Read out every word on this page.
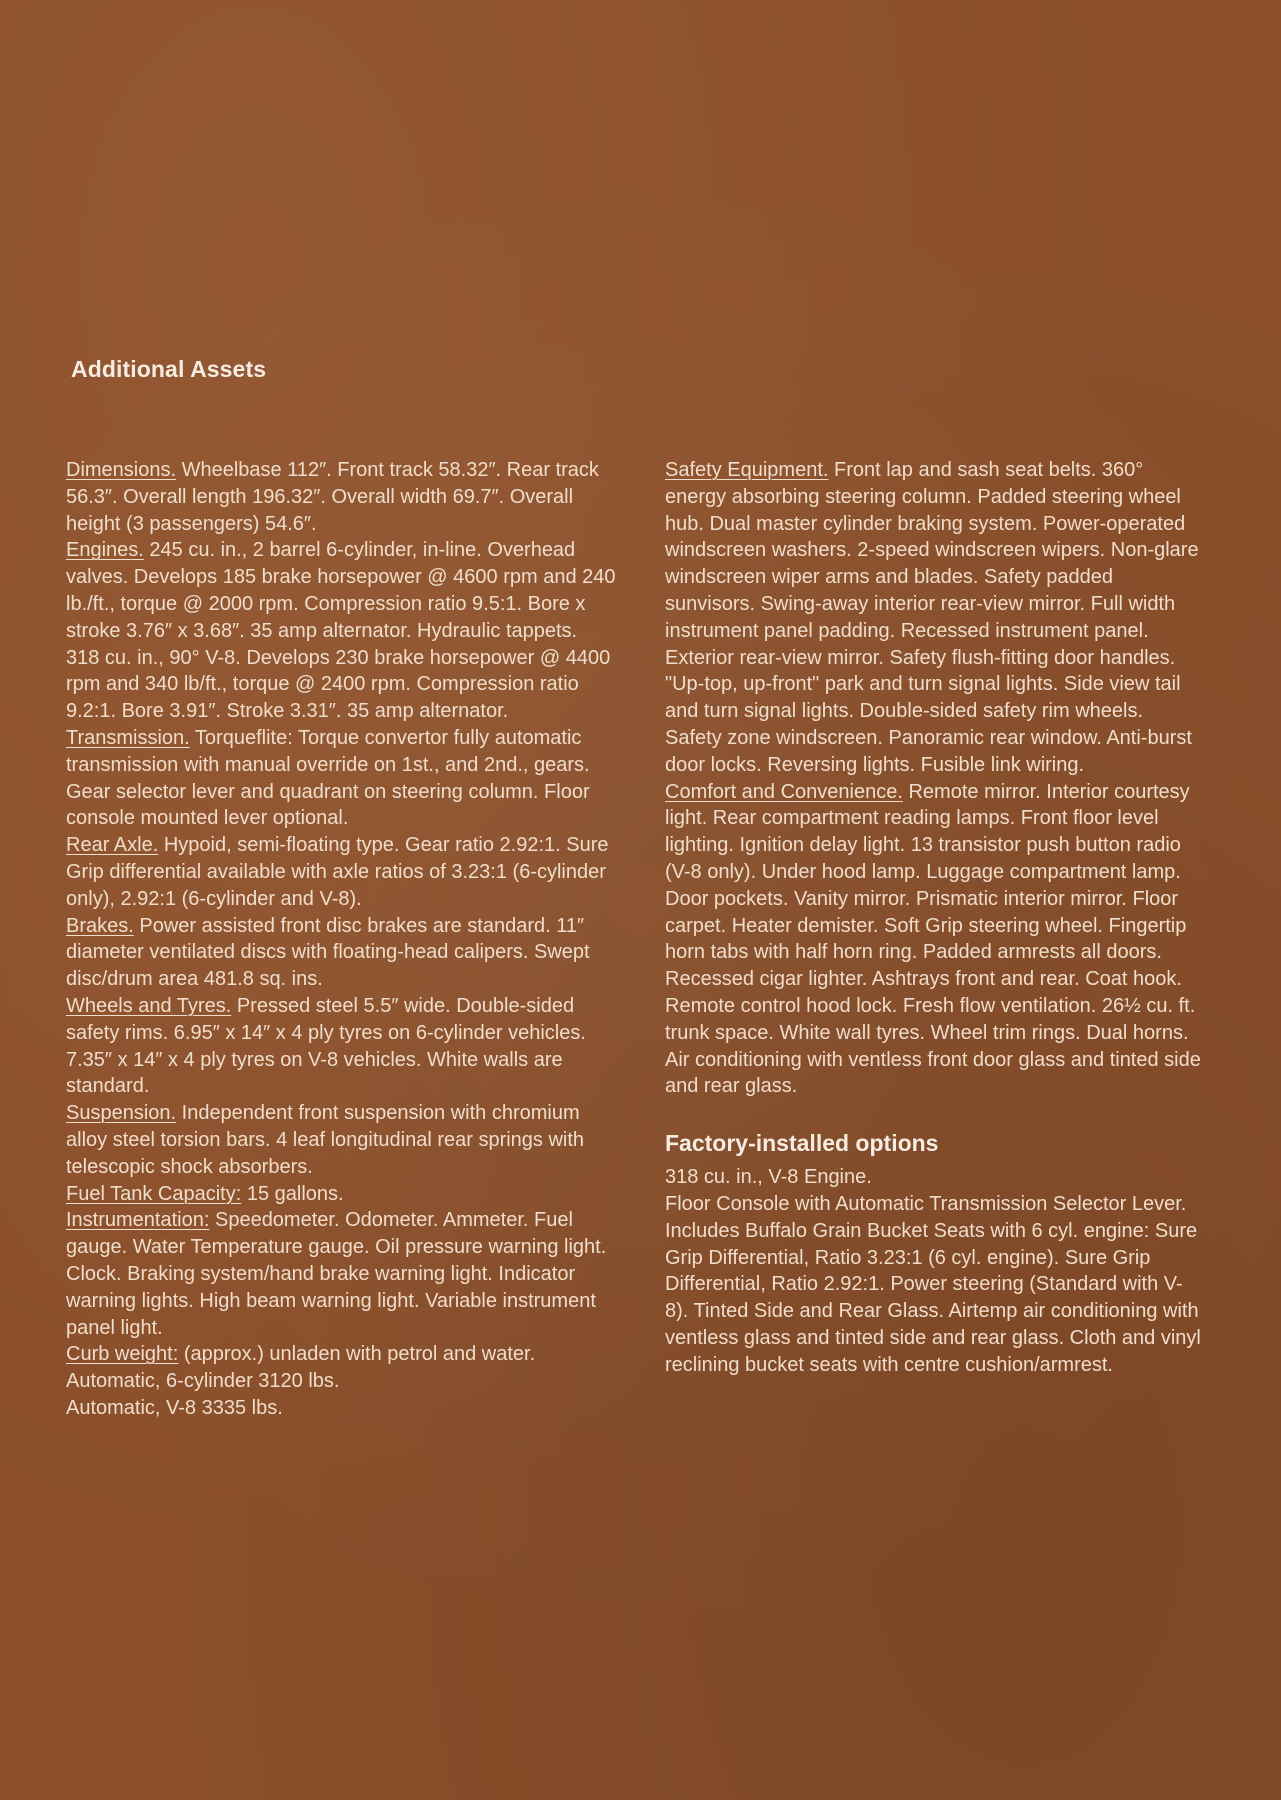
Additional Assets

Dimensions. Wheelbase 112″. Front track 58.32″. Rear track 56.3″. Overall length 196.32″. Overall width 69.7″. Overall height (3 passengers) 54.6″.

Engines. 245 cu. in., 2 barrel 6-cylinder, in-line. Overhead valves. Develops 185 brake horsepower @ 4600 rpm and 240 lb./ft., torque @ 2000 rpm. Compression ratio 9.5:1. Bore x stroke 3.76″ x 3.68″. 35 amp alternator. Hydraulic tappets.

318 cu. in., 90° V-8. Develops 230 brake horsepower @ 4400 rpm and 340 lb/ft., torque @ 2400 rpm. Compression ratio 9.2:1. Bore 3.91″. Stroke 3.31″. 35 amp alternator.

Transmission. Torqueflite: Torque convertor fully automatic transmission with manual override on 1st., and 2nd., gears. Gear selector lever and quadrant on steering column. Floor console mounted lever optional.

Rear Axle. Hypoid, semi-floating type. Gear ratio 2.92:1. Sure Grip differential available with axle ratios of 3.23:1 (6-cylinder only), 2.92:1 (6-cylinder and V-8).

Brakes. Power assisted front disc brakes are standard. 11″ diameter ventilated discs with floating-head calipers. Swept disc/drum area 481.8 sq. ins.

Wheels and Tyres. Pressed steel 5.5″ wide. Double-sided safety rims. 6.95″ x 14″ x 4 ply tyres on 6-cylinder vehicles. 7.35″ x 14″ x 4 ply tyres on V-8 vehicles. White walls are standard.

Suspension. Independent front suspension with chromium alloy steel torsion bars. 4 leaf longitudinal rear springs with telescopic shock absorbers.

Fuel Tank Capacity: 15 gallons.

Instrumentation: Speedometer. Odometer. Ammeter. Fuel gauge. Water Temperature gauge. Oil pressure warning light. Clock. Braking system/hand brake warning light. Indicator warning lights. High beam warning light. Variable instrument panel light.

Curb weight: (approx.) unladen with petrol and water.

Automatic, 6-cylinder 3120 lbs.

Automatic, V-8 3335 lbs.

Safety Equipment. Front lap and sash seat belts. 360° energy absorbing steering column. Padded steering wheel hub. Dual master cylinder braking system. Power-operated windscreen washers. 2-speed windscreen wipers. Non-glare windscreen wiper arms and blades. Safety padded sunvisors. Swing-away interior rear-view mirror. Full width instrument panel padding. Recessed instrument panel. Exterior rear-view mirror. Safety flush-fitting door handles. "Up-top, up-front" park and turn signal lights. Side view tail and turn signal lights. Double-sided safety rim wheels. Safety zone windscreen. Panoramic rear window. Anti-burst door locks. Reversing lights. Fusible link wiring.

Comfort and Convenience. Remote mirror. Interior courtesy light. Rear compartment reading lamps. Front floor level lighting. Ignition delay light. 13 transistor push button radio (V-8 only). Under hood lamp. Luggage compartment lamp. Door pockets. Vanity mirror. Prismatic interior mirror. Floor carpet. Heater demister. Soft Grip steering wheel. Fingertip horn tabs with half horn ring. Padded armrests all doors. Recessed cigar lighter. Ashtrays front and rear. Coat hook. Remote control hood lock. Fresh flow ventilation. 26½ cu. ft. trunk space. White wall tyres. Wheel trim rings. Dual horns. Air conditioning with ventless front door glass and tinted side and rear glass.

Factory-installed options

318 cu. in., V-8 Engine.

Floor Console with Automatic Transmission Selector Lever. Includes Buffalo Grain Bucket Seats with 6 cyl. engine: Sure Grip Differential, Ratio 3.23:1 (6 cyl. engine). Sure Grip Differential, Ratio 2.92:1. Power steering (Standard with V-8). Tinted Side and Rear Glass. Airtemp air conditioning with ventless glass and tinted side and rear glass. Cloth and vinyl reclining bucket seats with centre cushion/armrest.
